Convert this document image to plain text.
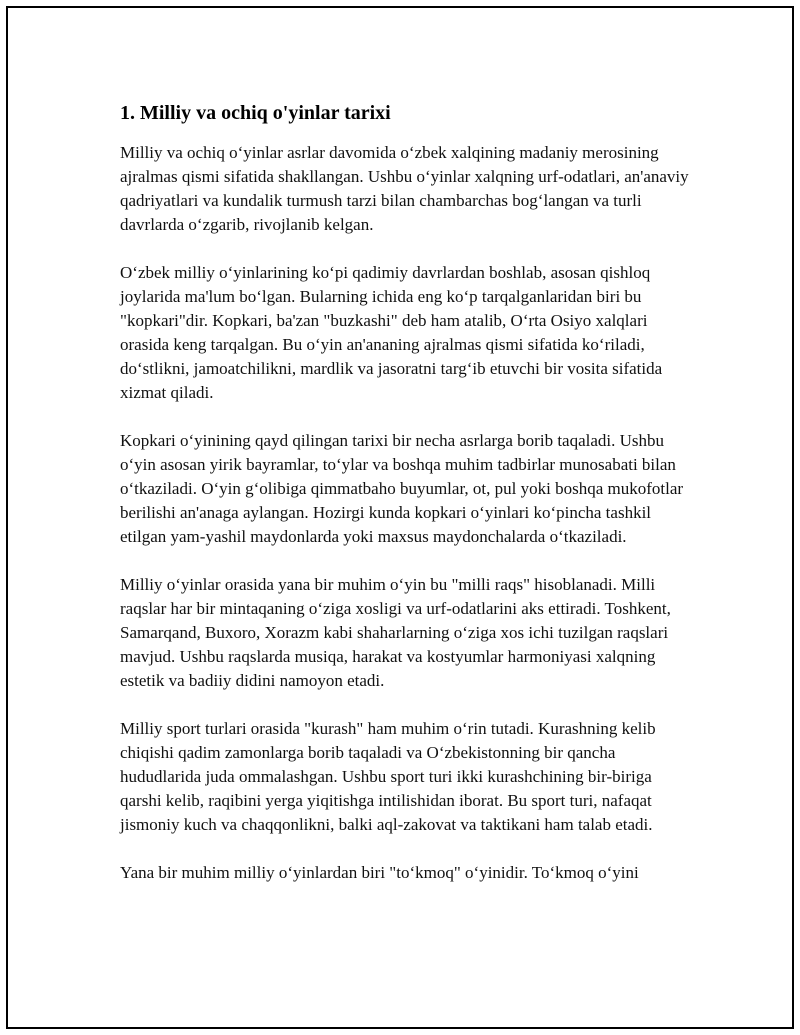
1. Milliy va ochiq o'yinlar tarixi

Milliy va ochiq o‘yinlar asrlar davomida o‘zbek xalqining madaniy merosining ajralmas qismi sifatida shakllangan. Ushbu o‘yinlar xalqning urf-odatlari, an'anaviy qadriyatlari va kundalik turmush tarzi bilan chambarchas bog‘langan va turli davrlarda o‘zgarib, rivojlanib kelgan.

O‘zbek milliy o‘yinlarining ko‘pi qadimiy davrlardan boshlab, asosan qishloq joylarida ma'lum bo‘lgan. Bularning ichida eng ko‘p tarqalganlaridan biri bu "kopkari"dir. Kopkari, ba'zan "buzkashi" deb ham atalib, O‘rta Osiyo xalqlari orasida keng tarqalgan. Bu o‘yin an'ananing ajralmas qismi sifatida ko‘riladi, do‘stlikni, jamoatchilikni, mardlik va jasoratni targ‘ib etuvchi bir vosita sifatida xizmat qiladi.

Kopkari o‘yinining qayd qilingan tarixi bir necha asrlarga borib taqaladi. Ushbu o‘yin asosan yirik bayramlar, to‘ylar va boshqa muhim tadbirlar munosabati bilan o‘tkaziladi. O‘yin g‘olibiga qimmatbaho buyumlar, ot, pul yoki boshqa mukofotlar berilishi an'anaga aylangan. Hozirgi kunda kopkari o‘yinlari ko‘pincha tashkil etilgan yam-yashil maydonlarda yoki maxsus maydonchalarda o‘tkaziladi.

Milliy o‘yinlar orasida yana bir muhim o‘yin bu "milli raqs" hisoblanadi. Milli raqslar har bir mintaqaning o‘ziga xosligi va urf-odatlarini aks ettiradi. Toshkent, Samarqand, Buxoro, Xorazm kabi shaharlarning o‘ziga xos ichi tuzilgan raqslari mavjud. Ushbu raqslarda musiqa, harakat va kostyumlar harmoniyasi xalqning estetik va badiiy didini namoyon etadi.

Milliy sport turlari orasida "kurash" ham muhim o‘rin tutadi. Kurashning kelib chiqishi qadim zamonlarga borib taqaladi va O‘zbekistonning bir qancha hududlarida juda ommalashgan. Ushbu sport turi ikki kurashchining bir-biriga qarshi kelib, raqibini yerga yiqitishga intilishidan iborat. Bu sport turi, nafaqat jismoniy kuch va chaqqonlikni, balki aql-zakovat va taktikani ham talab etadi.

Yana bir muhim milliy o‘yinlardan biri "to‘kmoq" o‘yinidir. To‘kmoq o‘yini
